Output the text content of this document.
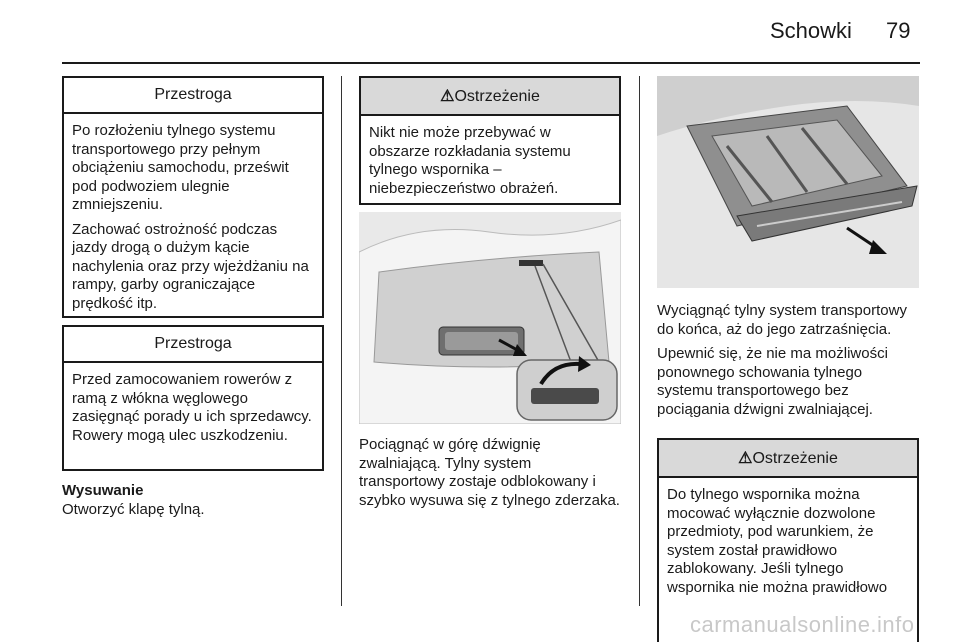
Schowki 79
Przestroga

Po rozłożeniu tylnego systemu transportowego przy pełnym obciążeniu samochodu, prześwit pod podwoziem ulegnie zmniejszeniu.

Zachować ostrożność podczas jazdy drogą o dużym kącie nachylenia oraz przy wjeżdżaniu na rampy, garby ograniczające prędkość itp.

Przestroga

Przed zamocowaniem rowerów z ramą z włókna węglowego zasięgnąć porady u ich sprzedawcy. Rowery mogą ulec uszkodzeniu.

Wysuwanie
Otworzyć klapę tylną.
⚠Ostrzeżenie

Nikt nie może przebywać w obszarze rozkładania systemu tylnego wspornika – niebezpieczeństwo obrażeń.

Pociągnąć w górę dźwignię zwalniającą. Tylny system transportowy zostaje odblokowany i szybko wysuwa się z tylnego zderzaka.

Wyciągnąć tylny system transportowy do końca, aż do jego zatrzaśnięcia.

Upewnić się, że nie ma możliwości ponownego schowania tylnego systemu transportowego bez pociągania dźwigni zwalniającej.

⚠Ostrzeżenie

Do tylnego wspornika można mocować wyłącznie dozwolone przedmioty, pod warunkiem, że system został prawidłowo zablokowany. Jeśli tylnego wspornika nie można prawidłowo

carmanualsonline.info
